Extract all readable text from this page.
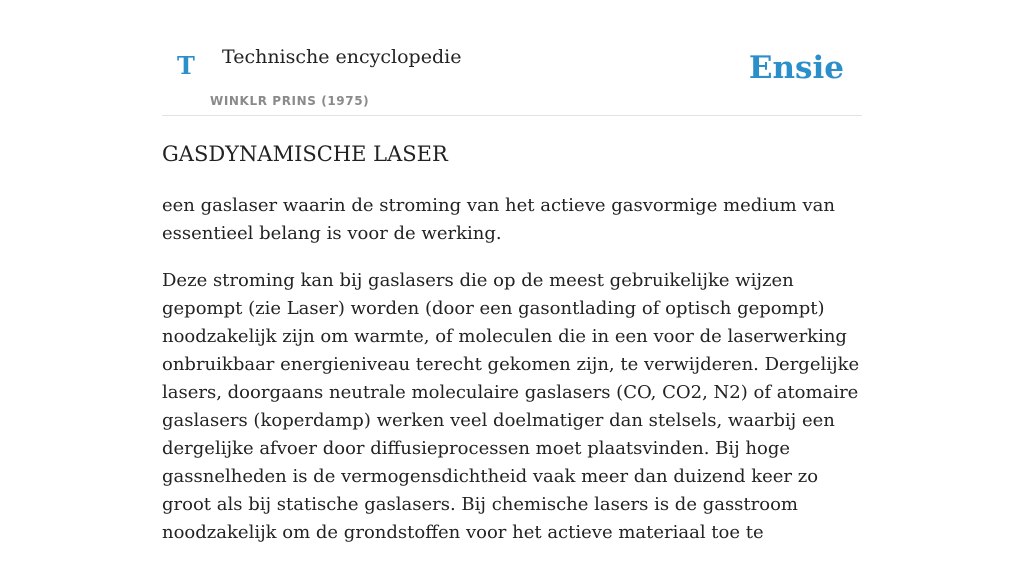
T Technische encyclopedie
WINKLR PRINS (1975)
Ensie
GASDYNAMISCHE LASER

een gaslaser waarin de stroming van het actieve gasvormige medium van essentieel belang is voor de werking.

Deze stroming kan bij gaslasers die op de meest gebruikelijke wijzen gepompt (zie Laser) worden (door een gasontlading of optisch gepompt) noodzakelijk zijn om warmte, of moleculen die in een voor de laserwerking onbruikbaar energieniveau terecht gekomen zijn, te verwijderen. Dergelijke lasers, doorgaans neutrale moleculaire gaslasers (CO, CO2, N2) of atomaire gaslasers (koperdamp) werken veel doelmatiger dan stelsels, waarbij een dergelijke afvoer door diffusieprocessen moet plaatsvinden. Bij hoge gassnelheden is de vermogensdichtheid vaak meer dan duizend keer zo groot als bij statische gaslasers. Bij chemische lasers is de gasstroom noodzakelijk om de grondstoffen voor het actieve materiaal toe te
